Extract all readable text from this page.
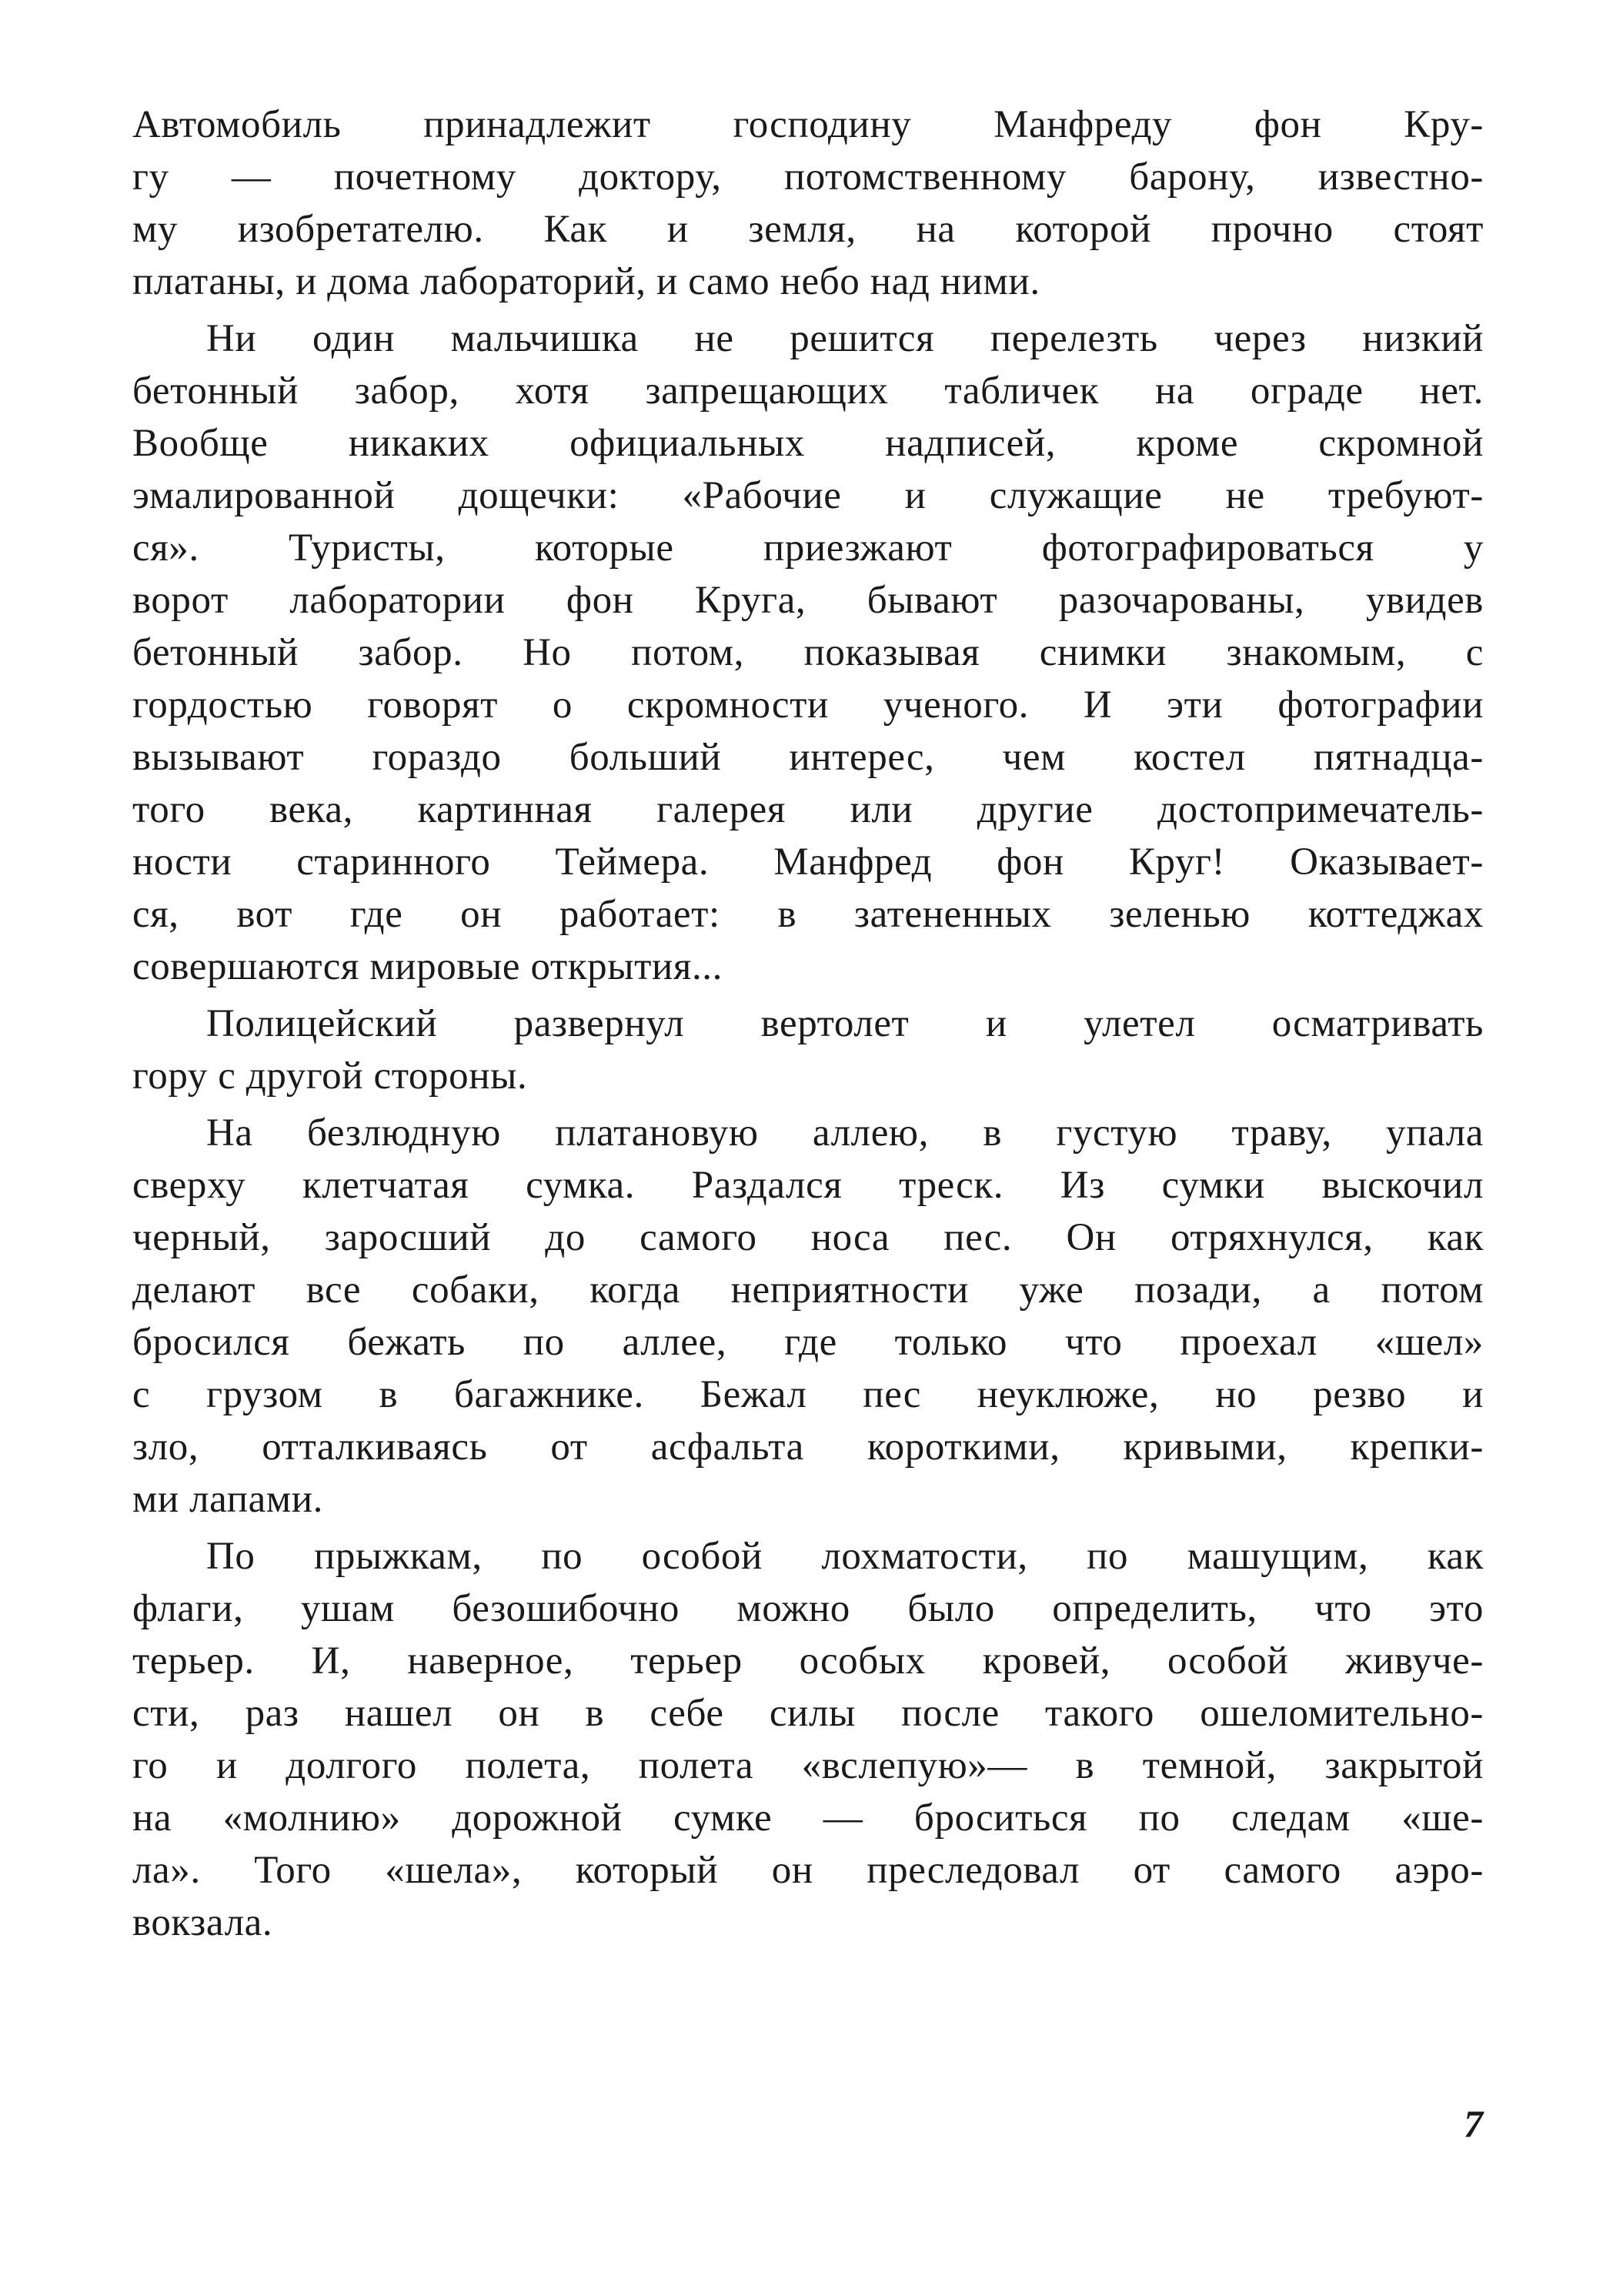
Автомобиль принадлежит господину Манфреду фон Кру-
гу — почетному доктору, потомственному барону, известно-
му изобретателю. Как и земля, на которой прочно стоят
платаны, и дома лабораторий, и само небо над ними.
Ни один мальчишка не решится перелезть через низкий
бетонный забор, хотя запрещающих табличек на ограде нет.
Вообще никаких официальных надписей, кроме скромной
эмалированной дощечки: «Рабочие и служащие не требуют-
ся». Туристы, которые приезжают фотографироваться у
ворот лаборатории фон Круга, бывают разочарованы, увидев
бетонный забор. Но потом, показывая снимки знакомым, с
гордостью говорят о скромности ученого. И эти фотографии
вызывают гораздо больший интерес, чем костел пятнадца-
того века, картинная галерея или другие достопримечатель-
ности старинного Теймера. Манфред фон Круг! Оказывает-
ся, вот где он работает: в затененных зеленью коттеджах
совершаются мировые открытия...
Полицейский развернул вертолет и улетел осматривать
гору с другой стороны.
На безлюдную платановую аллею, в густую траву, упала
сверху клетчатая сумка. Раздался треск. Из сумки выскочил
черный, заросший до самого носа пес. Он отряхнулся, как
делают все собаки, когда неприятности уже позади, а потом
бросился бежать по аллее, где только что проехал «шел»
с грузом в багажнике. Бежал пес неуклюже, но резво и
зло, отталкиваясь от асфальта короткими, кривыми, крепки-
ми лапами.
По прыжкам, по особой лохматости, по машущим, как
флаги, ушам безошибочно можно было определить, что это
терьер. И, наверное, терьер особых кровей, особой живуче-
сти, раз нашел он в себе силы после такого ошеломительно-
го и долгого полета, полета «вслепую»— в темной, закрытой
на «молнию» дорожной сумке — броситься по следам «ше-
ла». Того «шела», который он преследовал от самого аэро-
вокзала.
7
